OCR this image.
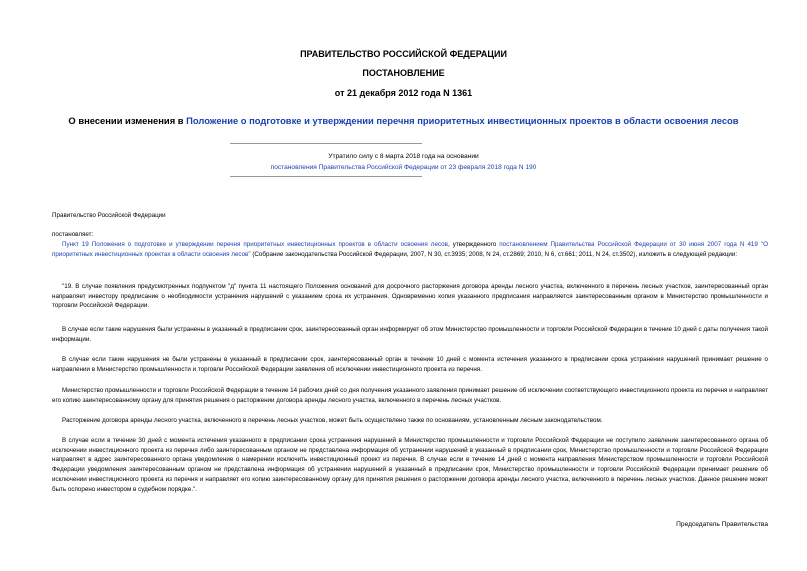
ПРАВИТЕЛЬСТВО РОССИЙСКОЙ ФЕДЕРАЦИИ
ПОСТАНОВЛЕНИЕ
от 21 декабря 2012 года N 1361
О внесении изменения в Положение о подготовке и утверждении перечня приоритетных инвестиционных проектов в области освоения лесов
Утратило силу с 8 марта 2018 года на основании
постановления Правительства Российской Федерации от 23 февраля 2018 года N 190

Правительство Российской Федерации

постановляет:

Пункт 19 Положения о подготовке и утверждении перечня приоритетных инвестиционных проектов в области освоения лесов, утвержденного постановлением Правительства Российской Федерации от 30 июня 2007 года N 419 "О приоритетных инвестиционных проектах в области освоения лесов" (Собрание законодательства Российской Федерации, 2007, N 30, ст.3935; 2008, N 24, ст.2869; 2010, N 6, ст.661; 2011, N 24, ст.3502), изложить в следующей редакции:

"19. В случае появления предусмотренных подпунктом "д" пункта 11 настоящего Положения оснований для досрочного расторжения договора аренды лесного участка, включенного в перечень лесных участков, заинтересованный орган направляет инвестору предписание о необходимости устранения нарушений с указанием срока их устранения. Одновременно копия указанного предписания направляется заинтересованным органом в Министерство промышленности и торговли Российской Федерации.

В случае если такие нарушения были устранены в указанный в предписании срок, заинтересованный орган информирует об этом Министерство промышленности и торговли Российской Федерации в течение 10 дней с даты получения такой информации.

В случае если такие нарушения не были устранены в указанный в предписании срок, заинтересованный орган в течение 10 дней с момента истечения указанного в предписании срока устранения нарушений принимает решение о направлении в Министерство промышленности и торговли Российской Федерации заявления об исключении инвестиционного проекта из перечня.

Министерство промышленности и торговли Российской Федерации в течение 14 рабочих дней со дня получения указанного заявления принимает решение об исключении соответствующего инвестиционного проекта из перечня и направляет его копию заинтересованному органу для принятия решения о расторжении договора аренды лесного участка, включенного в перечень лесных участков.

Расторжение договора аренды лесного участка, включенного в перечень лесных участков, может быть осуществлено также по основаниям, установленным лесным законодательством.

В случае если в течение 30 дней с момента истечения указанного в предписании срока устранения нарушений в Министерство промышленности и торговли Российской Федерации не поступило заявление заинтересованного органа об исключении инвестиционного проекта из перечня либо заинтересованным органом не представлена информация об устранении нарушений в указанный в предписании срок, Министерство промышленности и торговли Российской Федерации направляет в адрес заинтересованного органа уведомление о намерении исключить инвестиционный проект из перечня. В случае если в течение 14 дней с момента направления Министерством промышленности и торговли Российской Федерации уведомления заинтересованным органом не представлена информация об устранении нарушений в указанный в предписании срок, Министерство промышленности и торговли Российской Федерации принимает решение об исключении инвестиционного проекта из перечня и направляет его копию заинтересованному органу для принятия решения о расторжении договора аренды лесного участка, включенного в перечень лесных участков. Данное решение может быть оспорено инвестором в судебном порядке.".

Председатель Правительства
